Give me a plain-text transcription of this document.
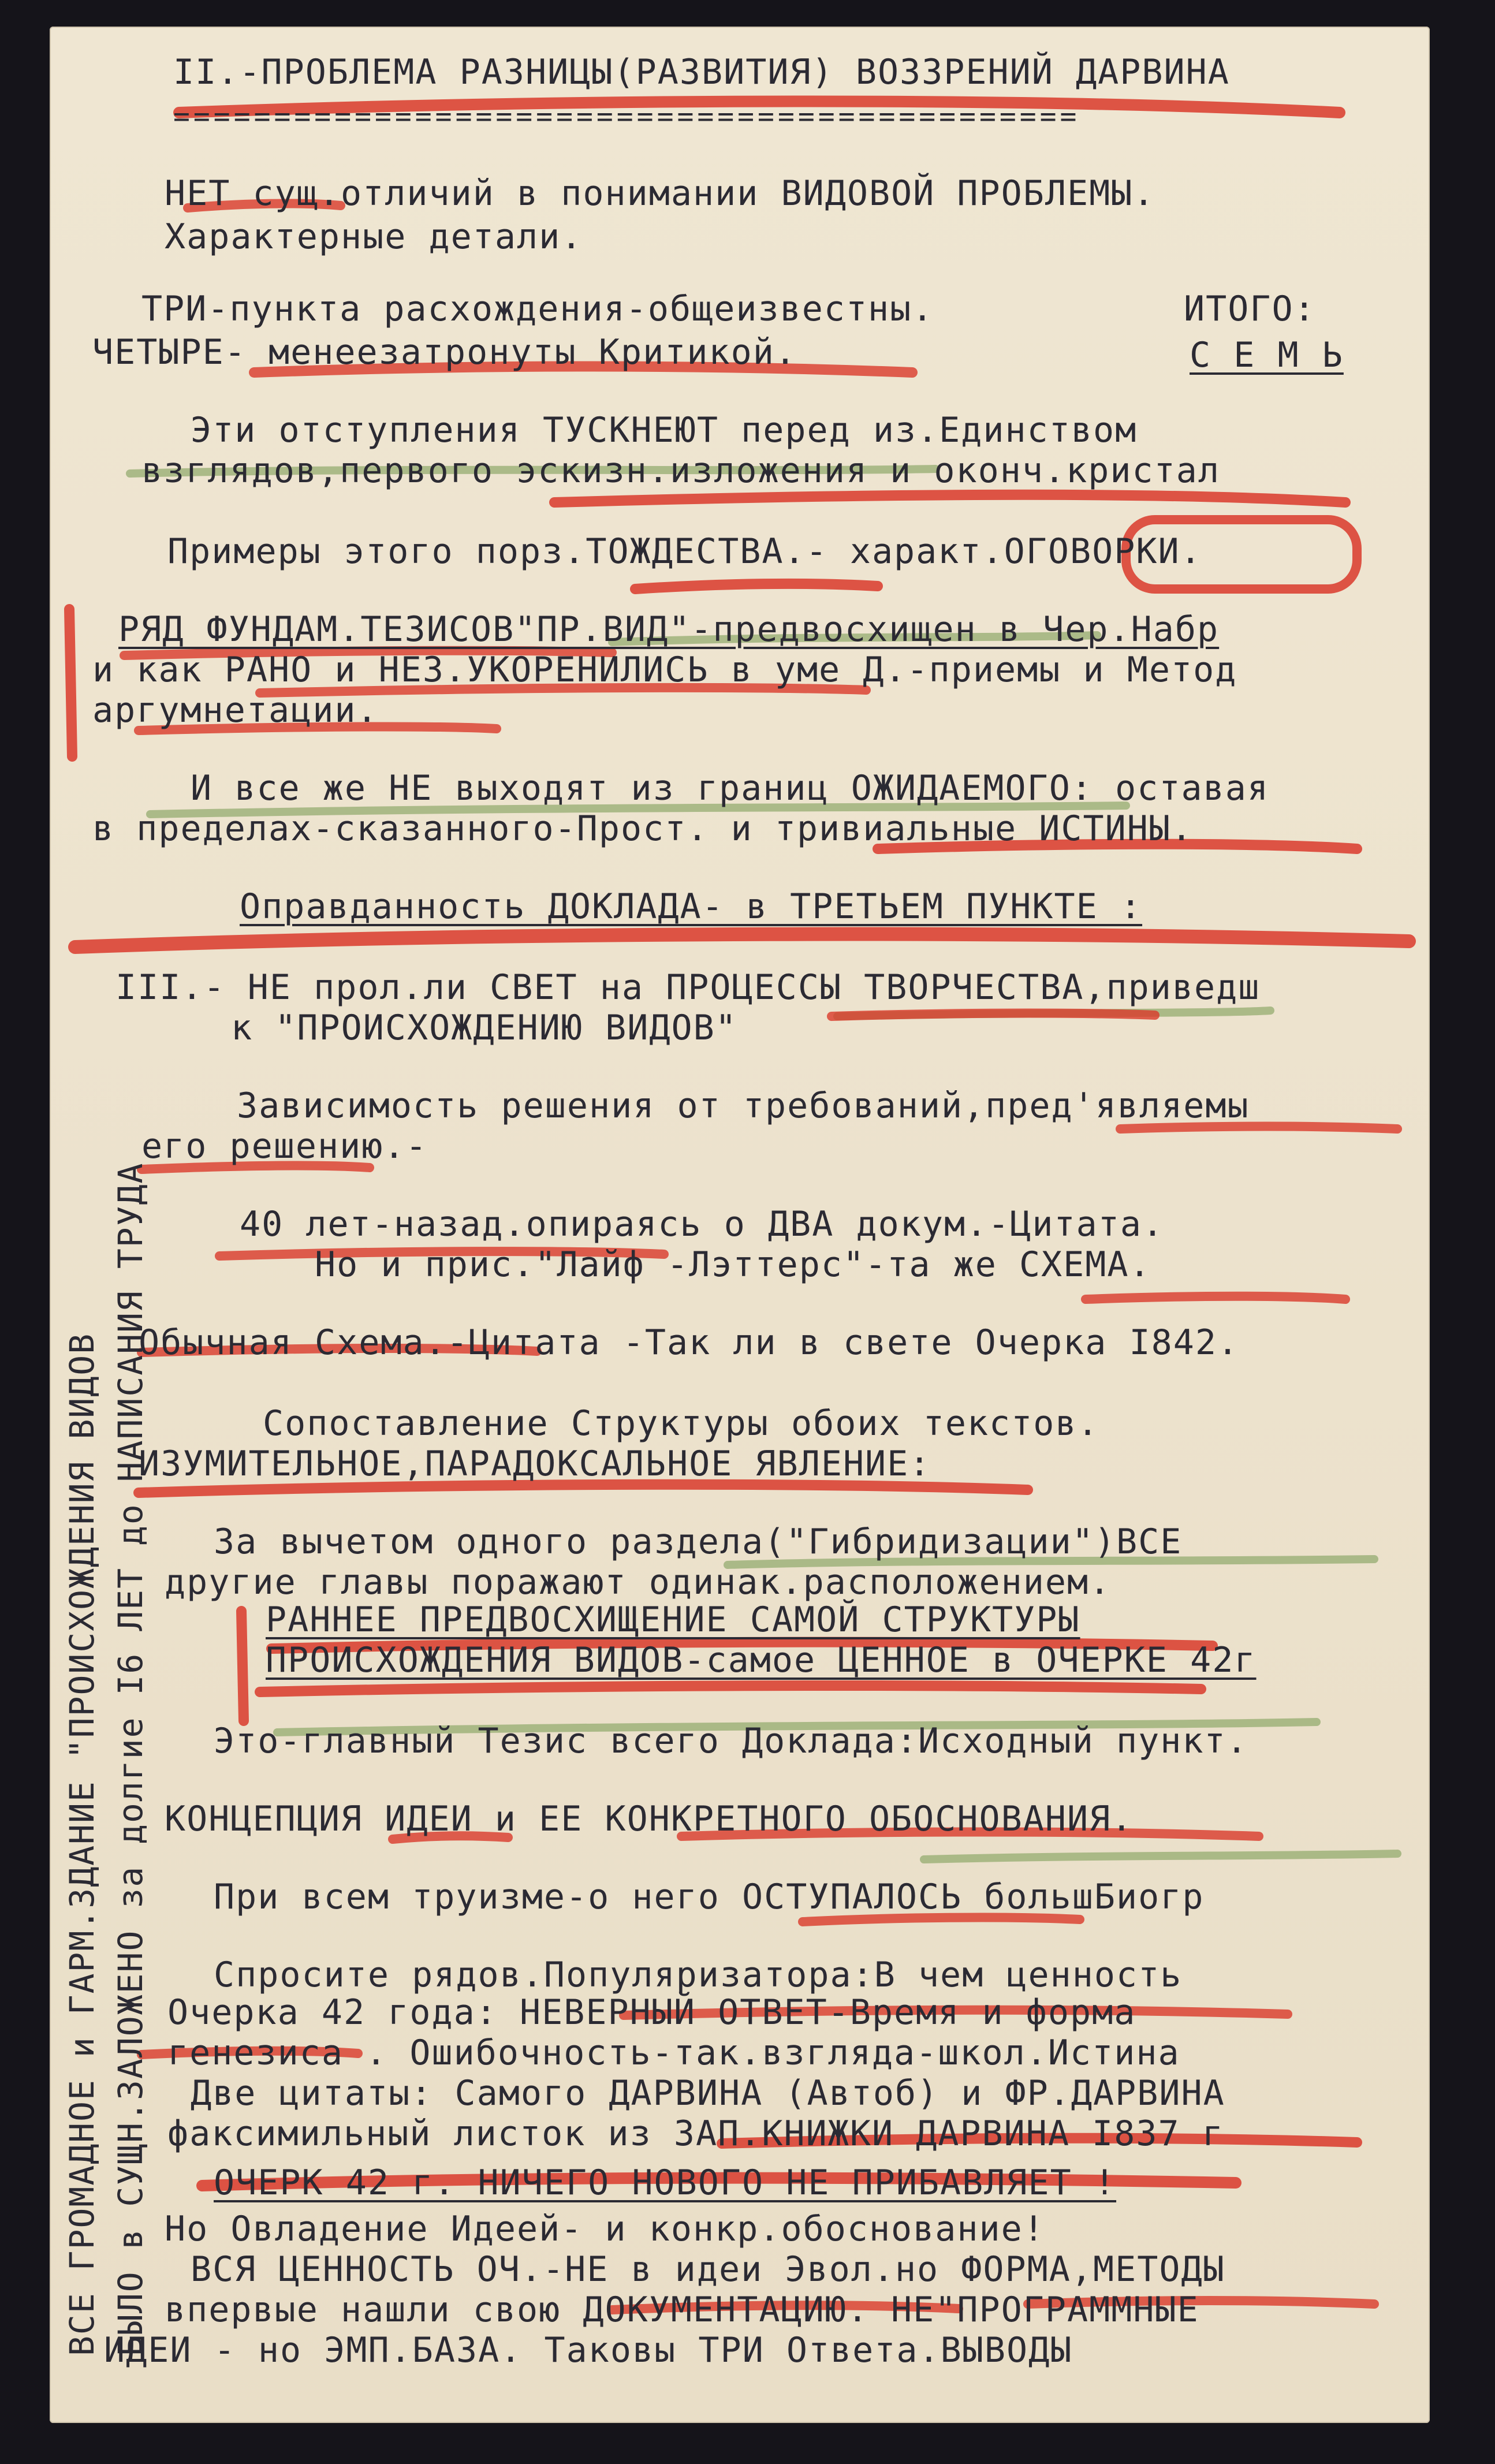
II.-ПРОБЛЕМА РАЗНИЦЫ(РАЗВИТИЯ) ВОЗЗРЕНИЙ ДАРВИНА
=============================================
НЕТ сущ.отличий в понимании ВИДОВОЙ ПРОБЛЕМЫ.
Характерные детали.
ТРИ-пункта расхождения-общеизвестны.	ИТОГО:
ЧЕТЫРЕ- менеезатронуты Критикой.	С Е М Ь
Эти отступления ТУСКНЕЮТ перед из.Единством
взглядов,первого эскизн.изложения и оконч.кристал
Примеры этого порз.ТОЖДЕСТВА.- характ.ОГОВОРКИ.
РЯД ФУНДАМ.ТЕЗИСОВ"ПР.ВИД"-предвосхищен в Чер.Набр
и как РАНО и НЕЗ.УКОРЕНИЛИСЬ в уме Д.-приемы и Метод
аргумнетации.
И все же НЕ выходят из границ ОЖИДАЕМОГО: оставая
в пределах-сказанного-Прост. и тривиальные ИСТИНЫ.
Оправданность ДОКЛАДА- в ТРЕТЬЕМ ПУНКТЕ :
III.- НЕ прол.ли СВЕТ на ПРОЦЕССЫ ТВОРЧЕСТВА,приведш
к "ПРОИСХОЖДЕНИЮ ВИДОВ"
Зависимость решения от требований,пред'являемы
его решению.-
40 лет-назад.опираясь о ДВА докум.-Цитата.
Но и прис."Лайф -Лэттерс"-та же СХЕМА.
Обычная Схема.-Цитата -Так ли в свете Очерка I842.
Сопоставление Структуры обоих текстов.
ИЗУМИТЕЛЬНОЕ,ПАРАДОКСАЛЬНОЕ ЯВЛЕНИЕ:
За вычетом одного раздела("Гибридизации")ВСЕ
другие главы поражают одинак.расположением.
РАННЕЕ ПРЕДВОСХИЩЕНИЕ САМОЙ СТРУКТУРЫ
ПРОИСХОЖДЕНИЯ ВИДОВ-самое ЦЕННОЕ в ОЧЕРКЕ 42г
Это-главный Тезис всего Доклада:Исходный пункт.
КОНЦЕПЦИЯ ИДЕИ и ЕЕ КОНКРЕТНОГО ОБОСНОВАНИЯ.
При всем труизме-о него ОСТУПАЛОСЬ большБиогр
Спросите рядов.Популяризатора:В чем ценность
Очерка 42 года: НЕВЕРНЫЙ ОТВЕТ-Время и форма
генезиса . Ошибочность-так.взгляда-школ.Истина
Две цитаты: Самого ДАРВИНА (Автоб) и ФР.ДАРВИНА
факсимильный листок из ЗАП.КНИЖКИ ДАРВИНА I837 г
ОЧЕРК 42 г. НИЧЕГО НОВОГО НЕ ПРИБАВЛЯЕТ !
Но Овладение Идеей- и конкр.обоснование!
ВСЯ ЦЕННОСТЬ ОЧ.-НЕ в идеи Эвол.но ФОРМА,МЕТОДЫ
впервые нашли свою ДОКУМЕНТАЦИЮ. НЕ"ПРОГРАММНЫЕ
ИДЕИ - но ЭМП.БАЗА. Таковы ТРИ Ответа.ВЫВОДЫ
ВСЕ ГРОМАДНОЕ и ГАРМ.ЗДАНИЕ "ПРОИСХОЖДЕНИЯ ВИДОВ БЫЛО в СУЩН.ЗАЛОЖЕНО за долгие I6 ЛЕТ до НАПИСАНИЯ ТРУДА
